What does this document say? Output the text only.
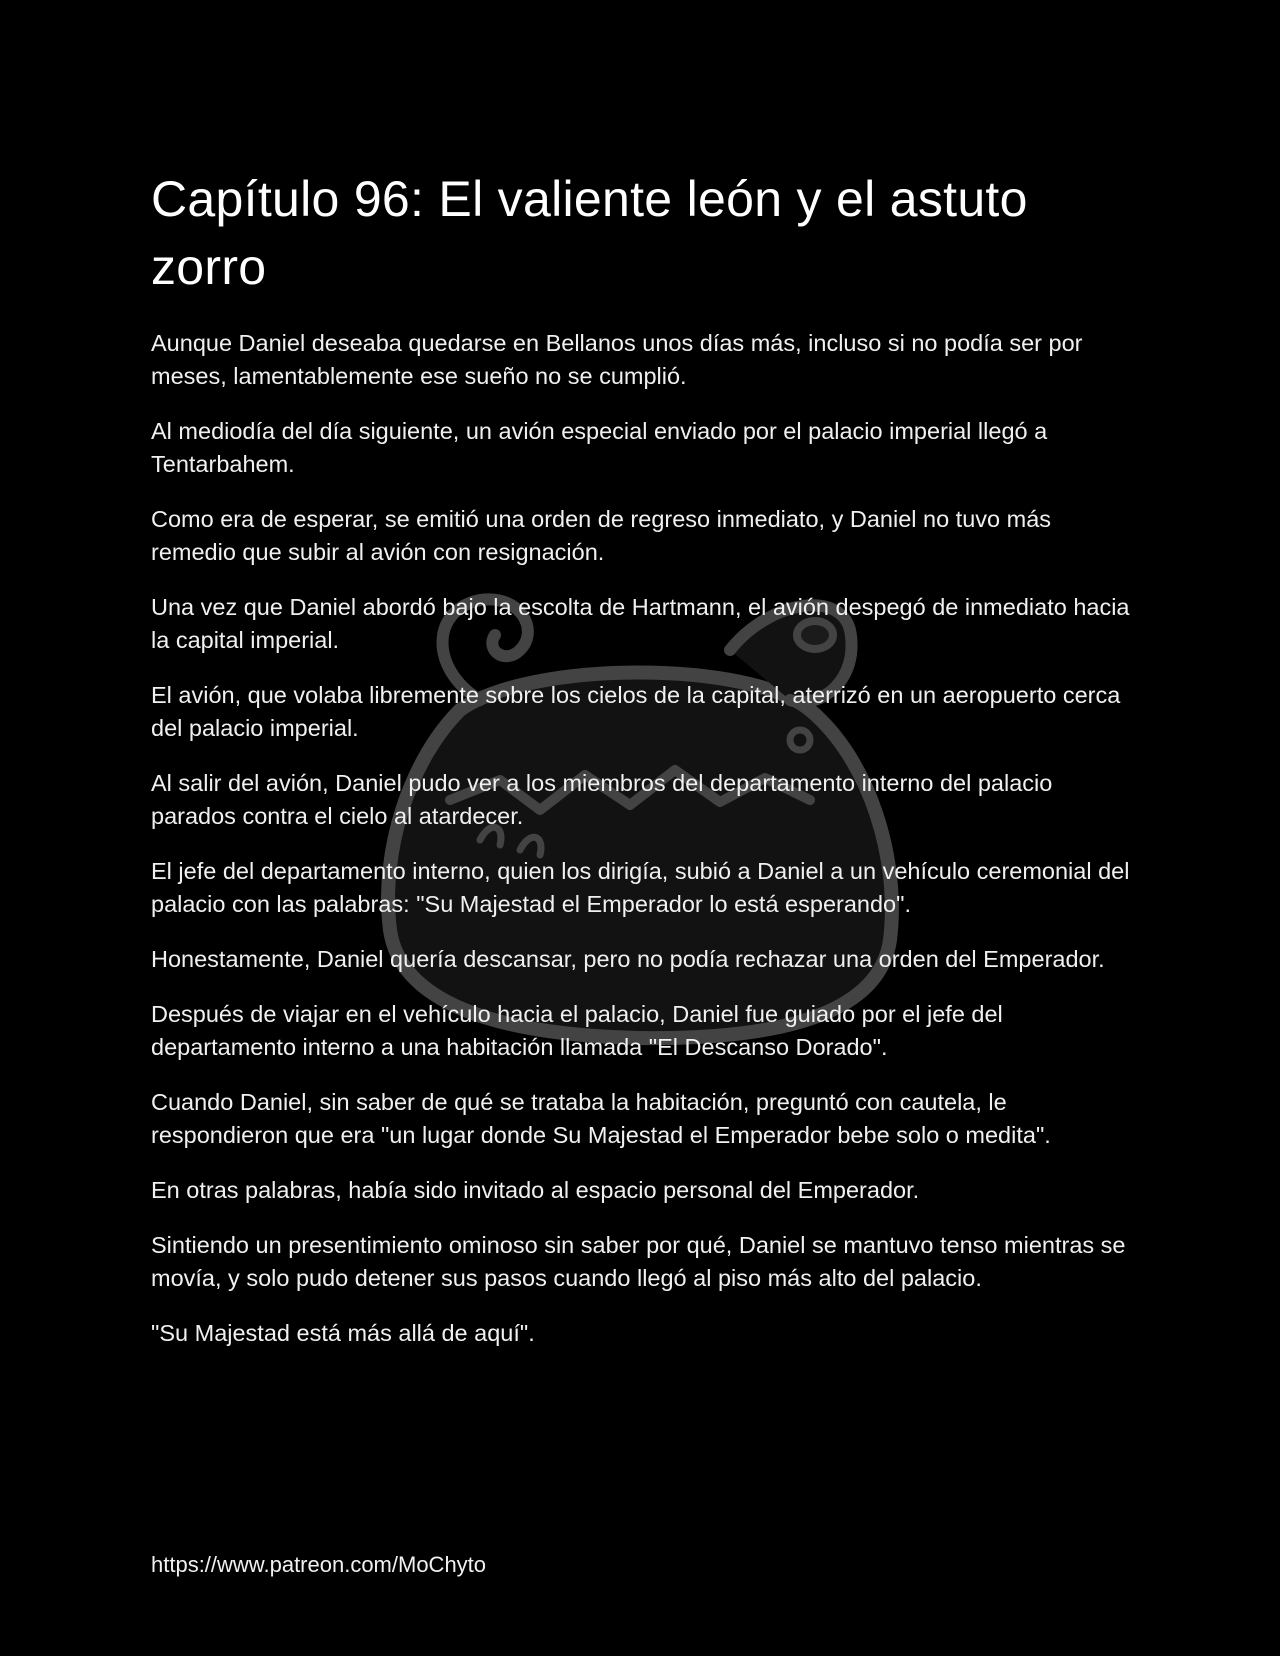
Capítulo 96: El valiente león y el astuto zorro

Aunque Daniel deseaba quedarse en Bellanos unos días más, incluso si no podía ser por meses, lamentablemente ese sueño no se cumplió.

Al mediodía del día siguiente, un avión especial enviado por el palacio imperial llegó a Tentarbahem.

Como era de esperar, se emitió una orden de regreso inmediato, y Daniel no tuvo más remedio que subir al avión con resignación.

Una vez que Daniel abordó bajo la escolta de Hartmann, el avión despegó de inmediato hacia la capital imperial.

El avión, que volaba libremente sobre los cielos de la capital, aterrizó en un aeropuerto cerca del palacio imperial.

Al salir del avión, Daniel pudo ver a los miembros del departamento interno del palacio parados contra el cielo al atardecer.

El jefe del departamento interno, quien los dirigía, subió a Daniel a un vehículo ceremonial del palacio con las palabras: "Su Majestad el Emperador lo está esperando".

Honestamente, Daniel quería descansar, pero no podía rechazar una orden del Emperador.

Después de viajar en el vehículo hacia el palacio, Daniel fue guiado por el jefe del departamento interno a una habitación llamada "El Descanso Dorado".

Cuando Daniel, sin saber de qué se trataba la habitación, preguntó con cautela, le respondieron que era "un lugar donde Su Majestad el Emperador bebe solo o medita".

En otras palabras, había sido invitado al espacio personal del Emperador.

Sintiendo un presentimiento ominoso sin saber por qué, Daniel se mantuvo tenso mientras se movía, y solo pudo detener sus pasos cuando llegó al piso más alto del palacio.

"Su Majestad está más allá de aquí".

https://www.patreon.com/MoChyto
